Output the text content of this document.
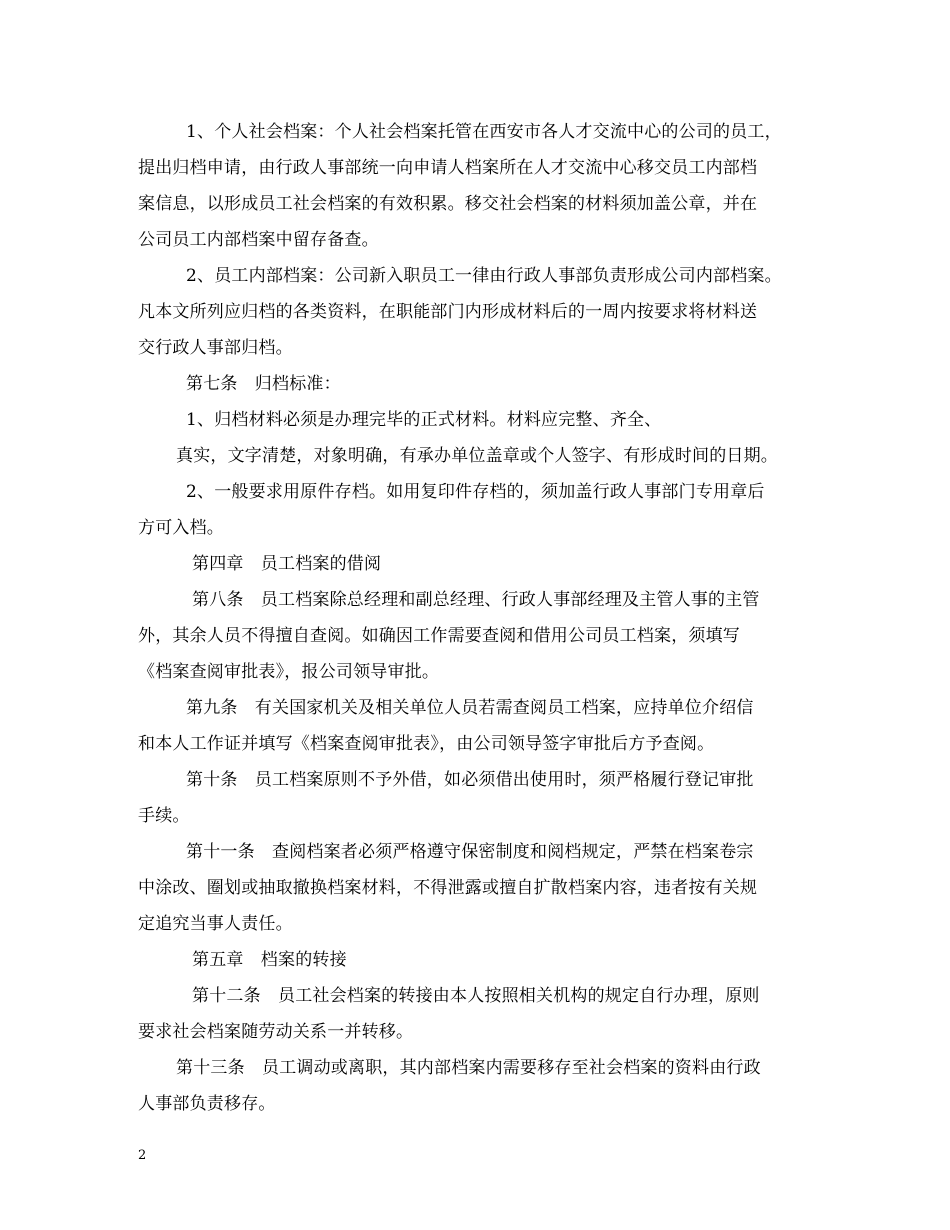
1、个人社会档案：个人社会档案托管在西安市各人才交流中心的公司的员工，
提出归档申请，由行政人事部统一向申请人档案所在人才交流中心移交员工内部档
案信息，以形成员工社会档案的有效积累。移交社会档案的材料须加盖公章，并在
公司员工内部档案中留存备查。
2、员工内部档案：公司新入职员工一律由行政人事部负责形成公司内部档案。
凡本文所列应归档的各类资料，在职能部门内形成材料后的一周内按要求将材料送
交行政人事部归档。
第七条　归档标准：
1、归档材料必须是办理完毕的正式材料。材料应完整、齐全、
真实，文字清楚，对象明确，有承办单位盖章或个人签字、有形成时间的日期。
2、一般要求用原件存档。如用复印件存档的，须加盖行政人事部门专用章后
方可入档。
第四章　员工档案的借阅
第八条　员工档案除总经理和副总经理、行政人事部经理及主管人事的主管
外，其余人员不得擅自查阅。如确因工作需要查阅和借用公司员工档案，须填写
《档案查阅审批表》，报公司领导审批。
第九条　有关国家机关及相关单位人员若需查阅员工档案，应持单位介绍信
和本人工作证并填写《档案查阅审批表》，由公司领导签字审批后方予查阅。
第十条　员工档案原则不予外借，如必须借出使用时，须严格履行登记审批
手续。
第十一条　查阅档案者必须严格遵守保密制度和阅档规定，严禁在档案卷宗
中涂改、圈划或抽取撤换档案材料，不得泄露或擅自扩散档案内容，违者按有关规
定追究当事人责任。
第五章　档案的转接
第十二条　员工社会档案的转接由本人按照相关机构的规定自行办理，原则
要求社会档案随劳动关系一并转移。
第十三条　员工调动或离职，其内部档案内需要移存至社会档案的资料由行政
人事部负责移存。
2
